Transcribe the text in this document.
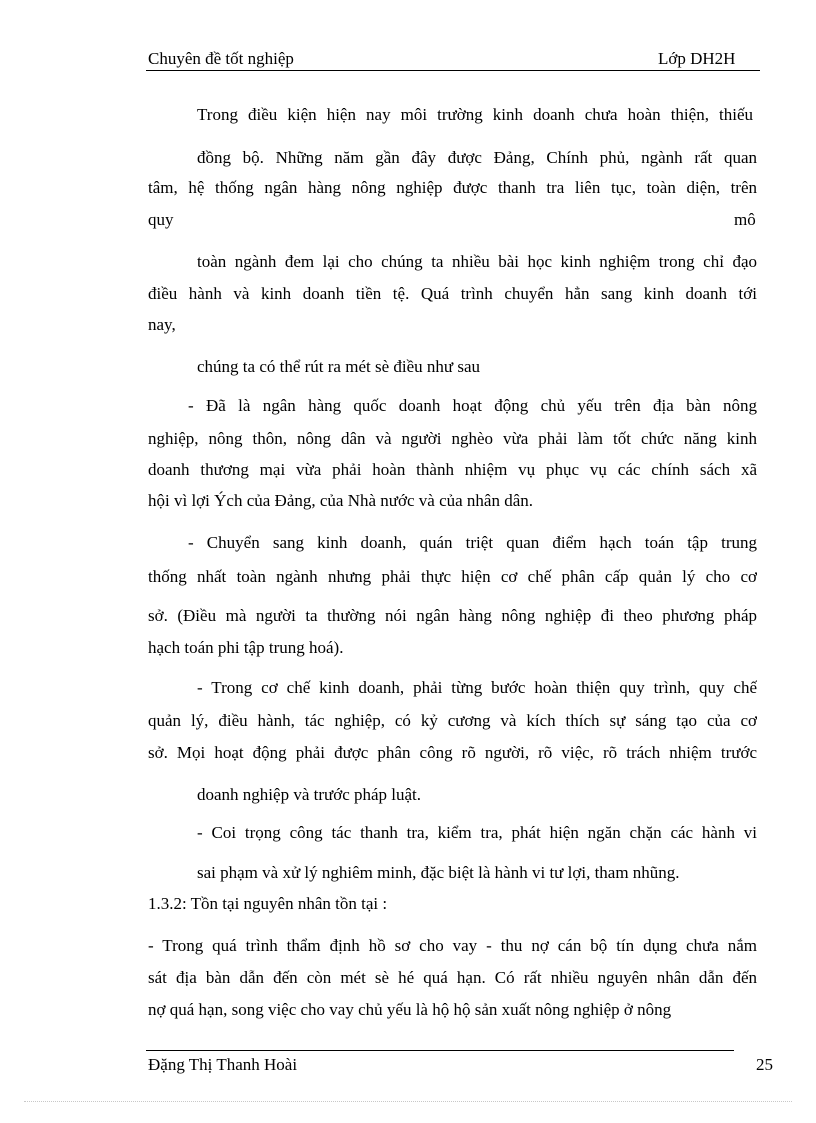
Chuyên đề tốt nghiệp	Lớp DH2H
Trong điều kiện hiện nay môi trường kinh doanh chưa hoàn thiện, thiếu
đồng bộ. Những năm gần đây được Đảng, Chính phủ, ngành rất quan
tâm, hệ thống ngân hàng nông nghiệp được thanh tra liên tục, toàn diện, trên
quy	mô
toàn ngành đem lại cho chúng ta nhiều bài học kinh nghiệm trong chỉ đạo
điều hành và kinh doanh tiền tệ. Quá trình chuyển hẳn sang kinh doanh tới
nay,
chúng ta có thể rút ra mét sè điều như sau
- Đã là ngân hàng quốc doanh hoạt động chủ yếu trên địa bàn nông
nghiệp, nông thôn, nông dân và người nghèo vừa phải làm tốt chức năng kinh
doanh thương mại vừa phải hoàn thành nhiệm vụ phục vụ các chính sách xã
hội vì lợi Ých của Đảng, của Nhà nước và của nhân dân.
- Chuyển sang kinh doanh, quán triệt quan điểm hạch toán tập trung
thống nhất toàn ngành nhưng phải thực hiện cơ chế phân cấp quản lý cho cơ
sở. (Điều mà người ta thường nói ngân hàng nông nghiệp đi theo phương pháp
hạch toán phi tập trung hoá).
- Trong cơ chế kinh doanh, phải từng bước hoàn thiện quy trình, quy chế
quản lý, điều hành, tác nghiệp, có kỷ cương và kích thích sự sáng tạo của cơ
sở. Mọi hoạt động phải được phân công rõ người, rõ việc, rõ trách nhiệm trước
doanh nghiệp và trước pháp luật.
- Coi trọng công tác thanh tra, kiểm tra, phát hiện ngăn chặn các hành vi
sai phạm và xử lý nghiêm minh, đặc biệt là hành vi tư lợi, tham nhũng.
1.3.2: Tồn tại nguyên nhân tồn tại :
- Trong quá trình thẩm định hồ sơ cho vay - thu nợ cán bộ tín dụng chưa nắm
sát địa bàn dẫn đến còn mét sè hé quá hạn. Có rất nhiều nguyên nhân dẫn đến
nợ quá hạn, song việc cho vay chủ yếu là hộ hộ sản xuất nông nghiệp ở nông
Đặng Thị Thanh Hoài	25
